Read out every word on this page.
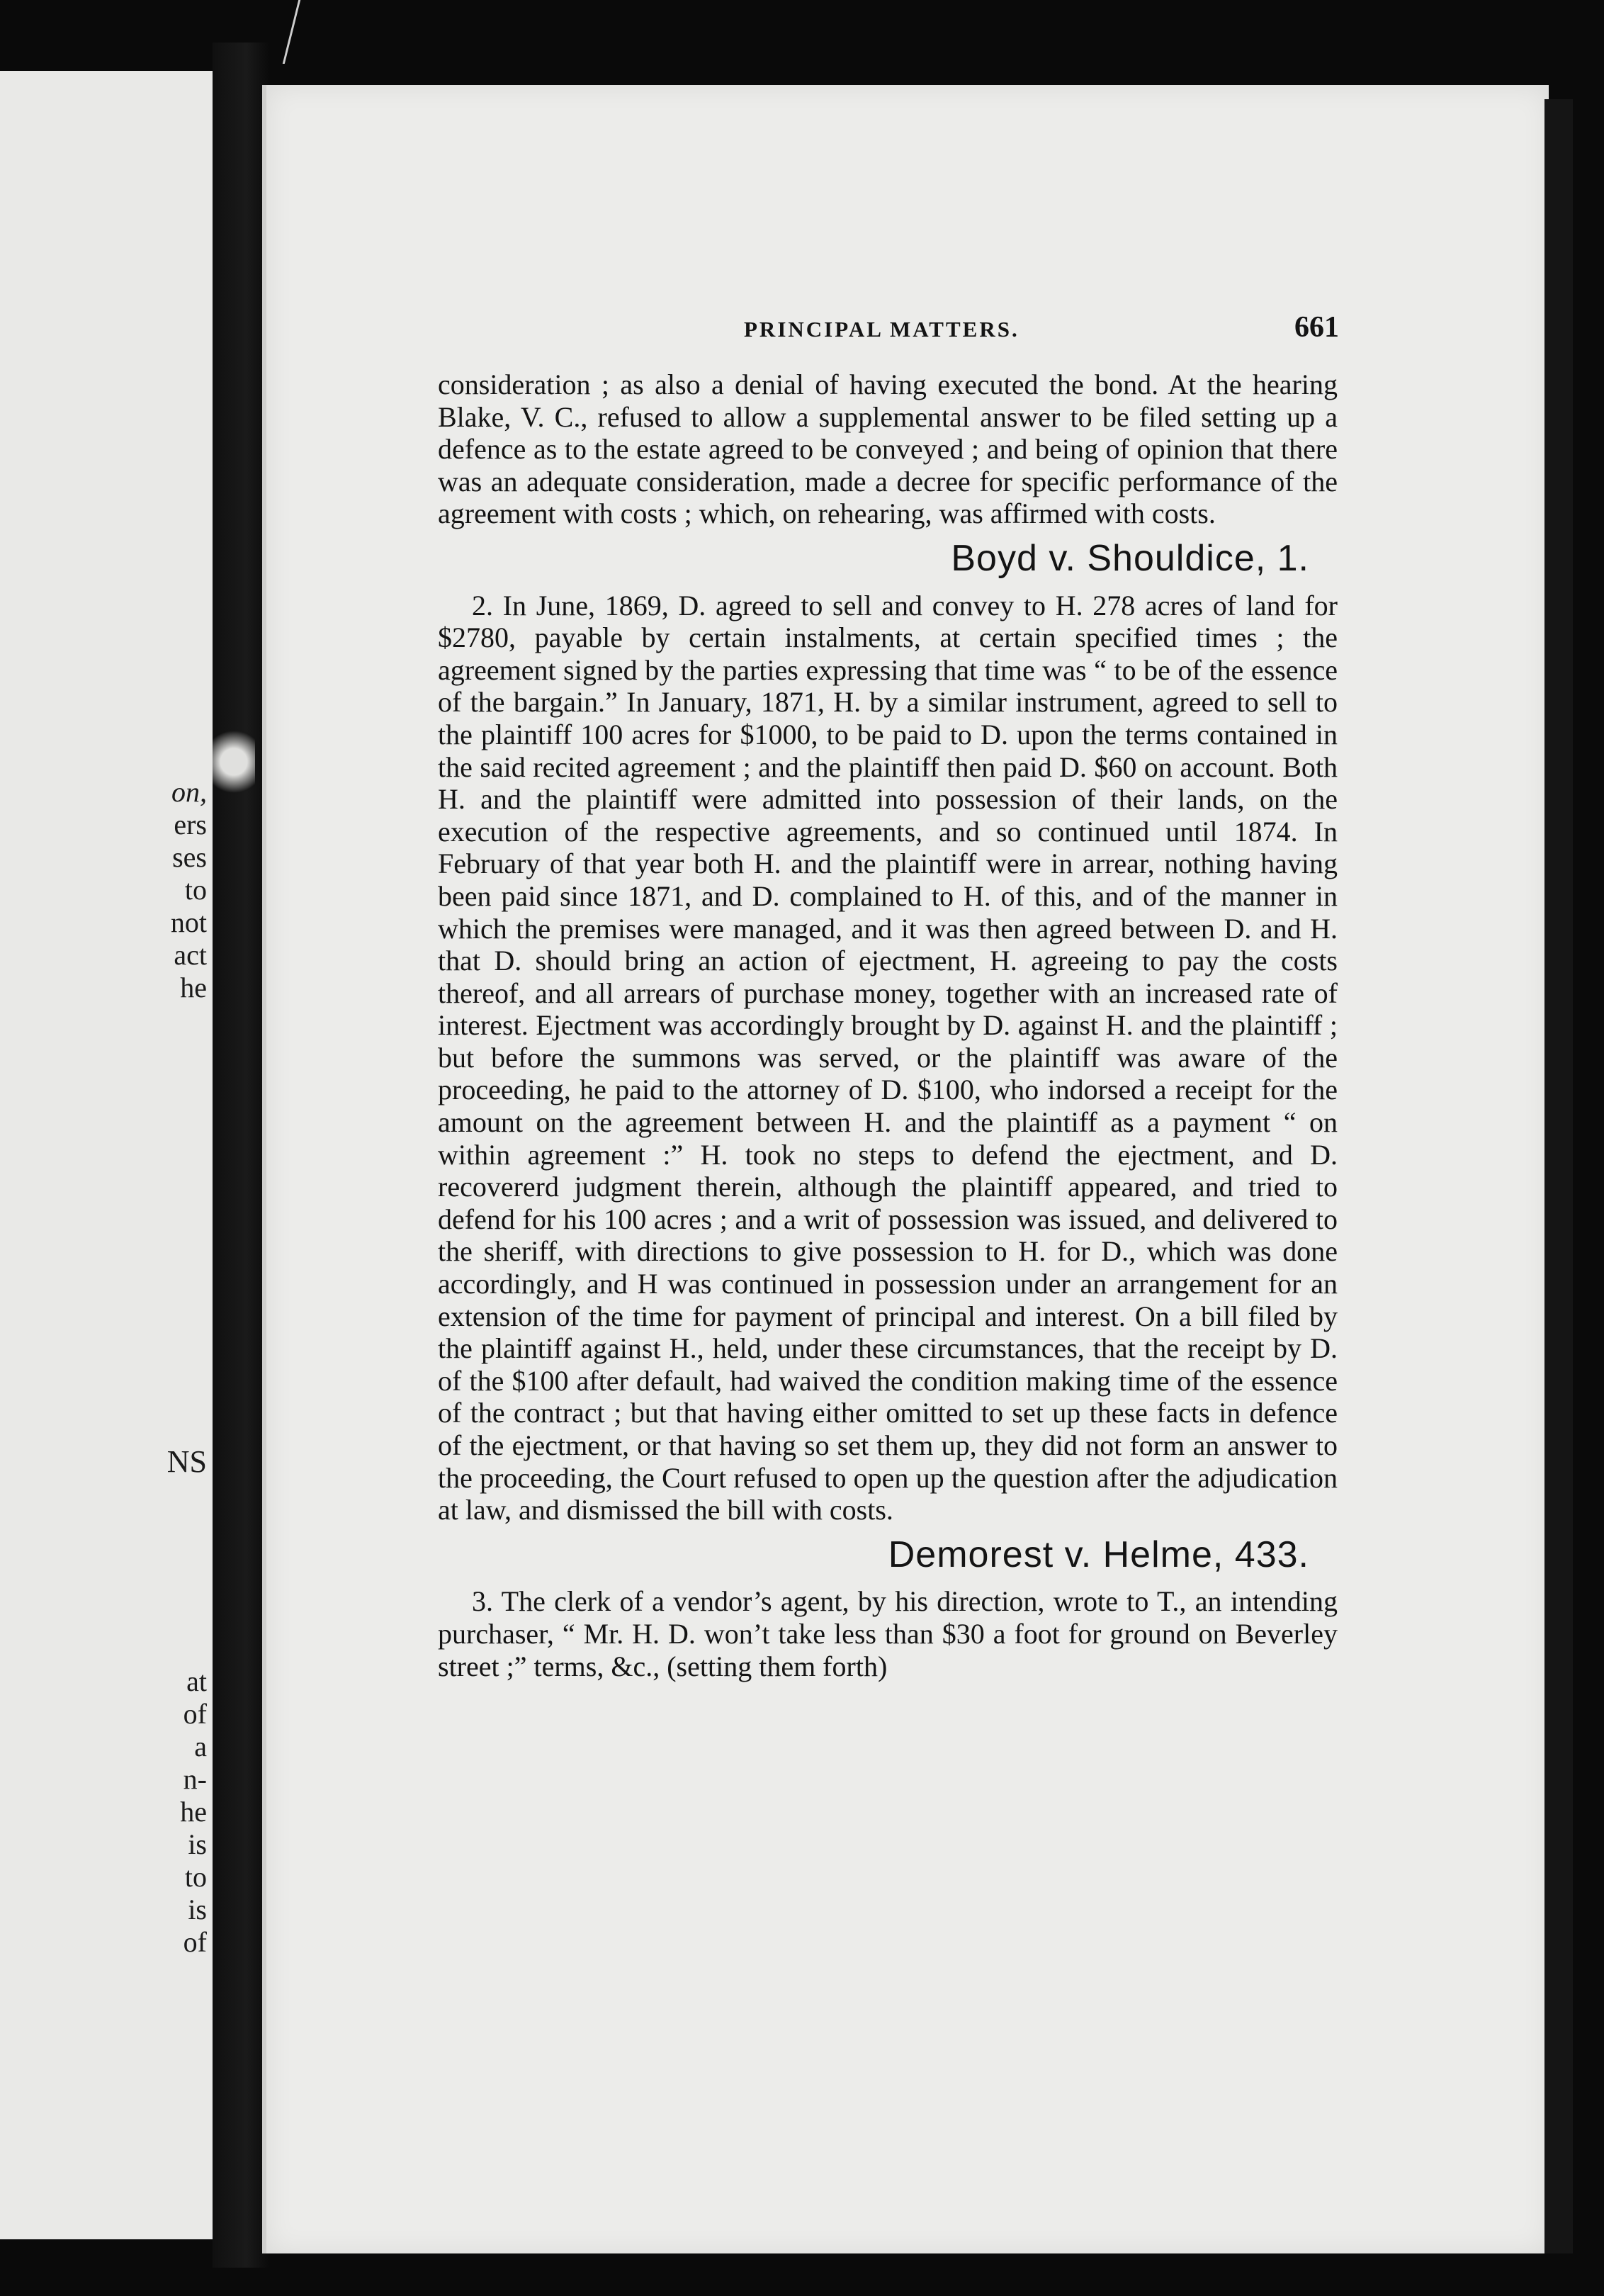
on,
ers
ses
to
not
act
he
NS
at
of
a
n-
he
is
to
is
of
PRINCIPAL MATTERS.	661

consideration ; as also a denial of having executed the bond. At the hearing Blake, V. C., refused to allow a supplemental answer to be filed setting up a defence as to the estate agreed to be conveyed ; and being of opinion that there was an adequate consideration, made a decree for specific performance of the agreement with costs ; which, on rehearing, was affirmed with costs.

Boyd v. Shouldice, 1.

2. In June, 1869, D. agreed to sell and convey to H. 278 acres of land for $2780, payable by certain instalments, at certain specified times ; the agreement signed by the parties expressing that time was “ to be of the essence of the bargain.” In January, 1871, H. by a similar instrument, agreed to sell to the plaintiff 100 acres for $1000, to be paid to D. upon the terms contained in the said recited agreement ; and the plaintiff then paid D. $60 on account. Both H. and the plaintiff were admitted into possession of their lands, on the execution of the respective agreements, and so continued until 1874. In February of that year both H. and the plaintiff were in arrear, nothing having been paid since 1871, and D. complained to H. of this, and of the manner in which the premises were managed, and it was then agreed between D. and H. that D. should bring an action of ejectment, H. agreeing to pay the costs thereof, and all arrears of purchase money, together with an increased rate of interest. Ejectment was accordingly brought by D. against H. and the plaintiff ; but before the summons was served, or the plaintiff was aware of the proceeding, he paid to the attorney of D. $100, who indorsed a receipt for the amount on the agreement between H. and the plaintiff as a payment “ on within agreement :” H. took no steps to defend the ejectment, and D. recovererd judgment therein, although the plaintiff appeared, and tried to defend for his 100 acres ; and a writ of possession was issued, and delivered to the sheriff, with directions to give possession to H. for D., which was done accordingly, and H was continued in possession under an arrangement for an extension of the time for payment of principal and interest. On a bill filed by the plaintiff against H., held, under these circumstances, that the receipt by D. of the $100 after default, had waived the condition making time of the essence of the contract ; but that having either omitted to set up these facts in defence of the ejectment, or that having so set them up, they did not form an answer to the proceeding, the Court refused to open up the question after the adjudication at law, and dismissed the bill with costs.

Demorest v. Helme, 433.

3. The clerk of a vendor’s agent, by his direction, wrote to T., an intending purchaser, “ Mr. H. D. won’t take less than $30 a foot for ground on Beverley street ;” terms, &c., (setting them forth)
